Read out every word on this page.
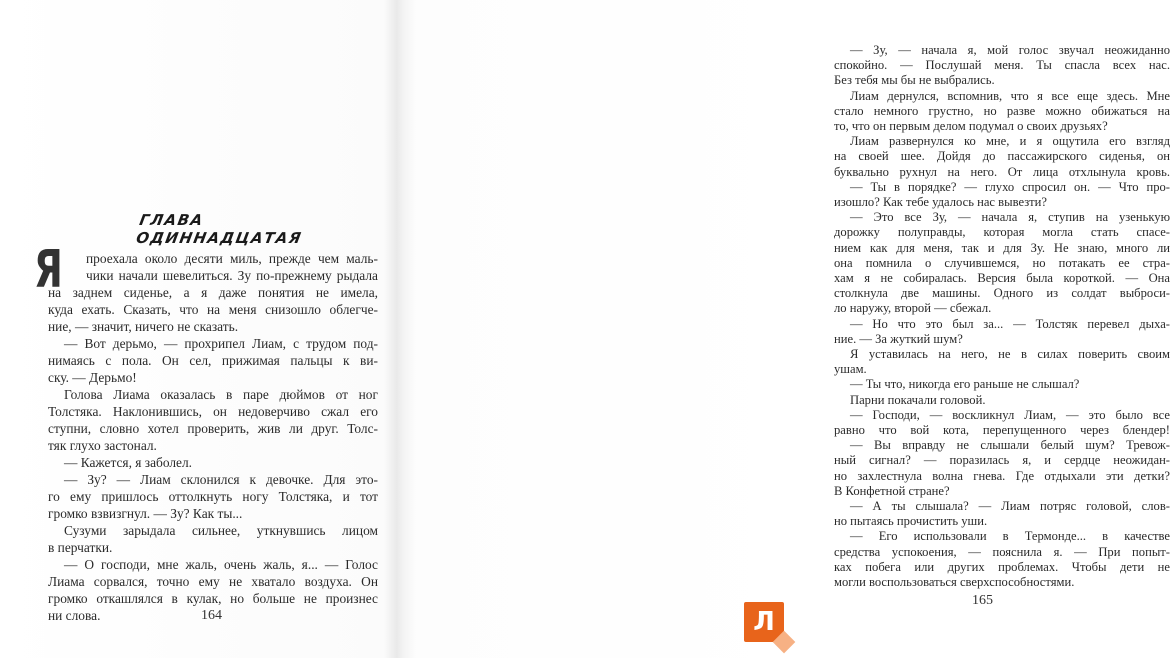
ГЛАВА ОДИННАДЦАТАЯ
Я проехала около десяти миль, прежде чем маль-
чики начали шевелиться. Зу по-прежнему рыдала
на заднем сиденье, а я даже понятия не имела,
куда ехать. Сказать, что на меня снизошло облегче-
ние, — значит, ничего не сказать.
— Вот дерьмо, — прохрипел Лиам, с трудом под-
нимаясь с пола. Он сел, прижимая пальцы к ви-
ску. — Дерьмо!
Голова Лиама оказалась в паре дюймов от ног
Толстяка. Наклонившись, он недоверчиво сжал его
ступни, словно хотел проверить, жив ли друг. Толс-
тяк глухо застонал.
— Кажется, я заболел.
— Зу? — Лиам склонился к девочке. Для это-
го ему пришлось оттолкнуть ногу Толстяка, и тот
громко взвизгнул. — Зу? Как ты...
Сузуми зарыдала сильнее, уткнувшись лицом
в перчатки.
— О господи, мне жаль, очень жаль, я... — Голос
Лиама сорвался, точно ему не хватало воздуха. Он
громко откашлялся в кулак, но больше не произнес
ни слова.	164
— Зу, — начала я, мой голос звучал неожиданно
спокойно. — Послушай меня. Ты спасла всех нас.
Без тебя мы бы не выбрались.
Лиам дернулся, вспомнив, что я все еще здесь. Мне
стало немного грустно, но разве можно обижаться на
то, что он первым делом подумал о своих друзьях?
Лиам развернулся ко мне, и я ощутила его взгляд
на своей шее. Дойдя до пассажирского сиденья, он
буквально рухнул на него. От лица отхлынула кровь.
— Ты в порядке? — глухо спросил он. — Что про-
изошло? Как тебе удалось нас вывезти?
— Это все Зу, — начала я, ступив на узенькую
дорожку полуправды, которая могла стать спасе-
нием как для меня, так и для Зу. Не знаю, много ли
она помнила о случившемся, но потакать ее стра-
хам я не собиралась. Версия была короткой. — Она
столкнула две машины. Одного из солдат выброси-
ло наружу, второй — сбежал.
— Но что это был за... — Толстяк перевел дыха-
ние. — За жуткий шум?
Я уставилась на него, не в силах поверить своим
ушам.
— Ты что, никогда его раньше не слышал?
Парни покачали головой.
— Господи, — воскликнул Лиам, — это было все
равно что вой кота, перепущенного через блендер!
— Вы вправду не слышали белый шум? Тревож-
ный сигнал? — поразилась я, и сердце неожидан-
но захлестнула волна гнева. Где отдыхали эти детки?
В Конфетной стране?
— А ты слышала? — Лиам потряс головой, слов-
но пытаясь прочистить уши.
— Его использовали в Термонде... в качестве
средства успокоения, — пояснила я. — При попыт-
ках побега или других проблемах. Чтобы дети не
могли воспользоваться сверхспособностями.
165
Л
